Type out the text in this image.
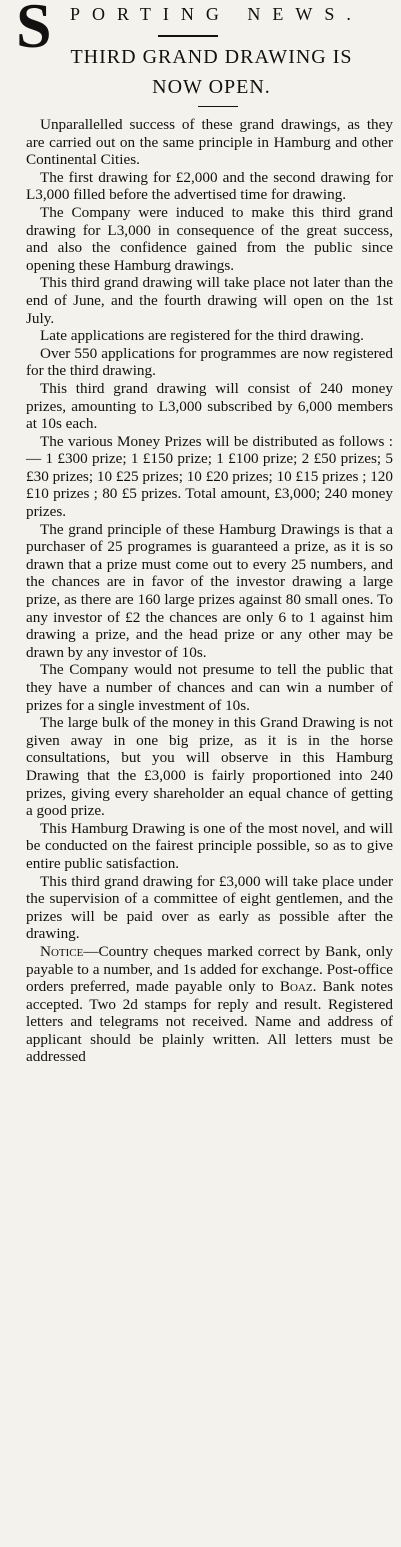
S PORTING NEWS.
THIRD GRAND DRAWING IS
NOW OPEN.

Unparallelled success of these grand drawings, as they are carried out on the same principle in Hamburg and other Continental Cities.

The first drawing for £2,000 and the second drawing for L3,000 filled before the advertised time for drawing.

The Company were induced to make this third grand drawing for L3,000 in consequence of the great success, and also the confidence gained from the public since opening these Hamburg drawings.

This third grand drawing will take place not later than the end of June, and the fourth drawing will open on the 1st July.

Late applications are registered for the third drawing.

Over 550 applications for programmes are now registered for the third drawing.

This third grand drawing will consist of 240 money prizes, amounting to L3,000 subscribed by 6,000 members at 10s each.

The various Money Prizes will be distributed as follows :— 1 £300 prize; 1 £150 prize; 1 £100 prize; 2 £50 prizes; 5 £30 prizes; 10 £25 prizes; 10 £20 prizes; 10 £15 prizes ; 120 £10 prizes ; 80 £5 prizes. Total amount, £3,000; 240 money prizes.

The grand principle of these Hamburg Drawings is that a purchaser of 25 programes is guaranteed a prize, as it is so drawn that a prize must come out to every 25 numbers, and the chances are in favor of the investor drawing a large prize, as there are 160 large prizes against 80 small ones. To any investor of £2 the chances are only 6 to 1 against him drawing a prize, and the head prize or any other may be drawn by any investor of 10s.

The Company would not presume to tell the public that they have a number of chances and can win a number of prizes for a single investment of 10s.

The large bulk of the money in this Grand Drawing is not given away in one big prize, as it is in the horse consultations, but you will observe in this Hamburg Drawing that the £3,000 is fairly proportioned into 240 prizes, giving every shareholder an equal chance of getting a good prize.

This Hamburg Drawing is one of the most novel, and will be conducted on the fairest principle possible, so as to give entire public satisfaction.

This third grand drawing for £3,000 will take place under the supervision of a committee of eight gentlemen, and the prizes will be paid over as early as possible after the drawing.

Notice—Country cheques marked correct by Bank, only payable to a number, and 1s added for exchange. Post-office orders preferred, made payable only to Boaz. Bank notes accepted. Two 2d stamps for reply and result. Registered letters and telegrams not received. Name and address of applicant should be plainly written. All letters must be addressed
